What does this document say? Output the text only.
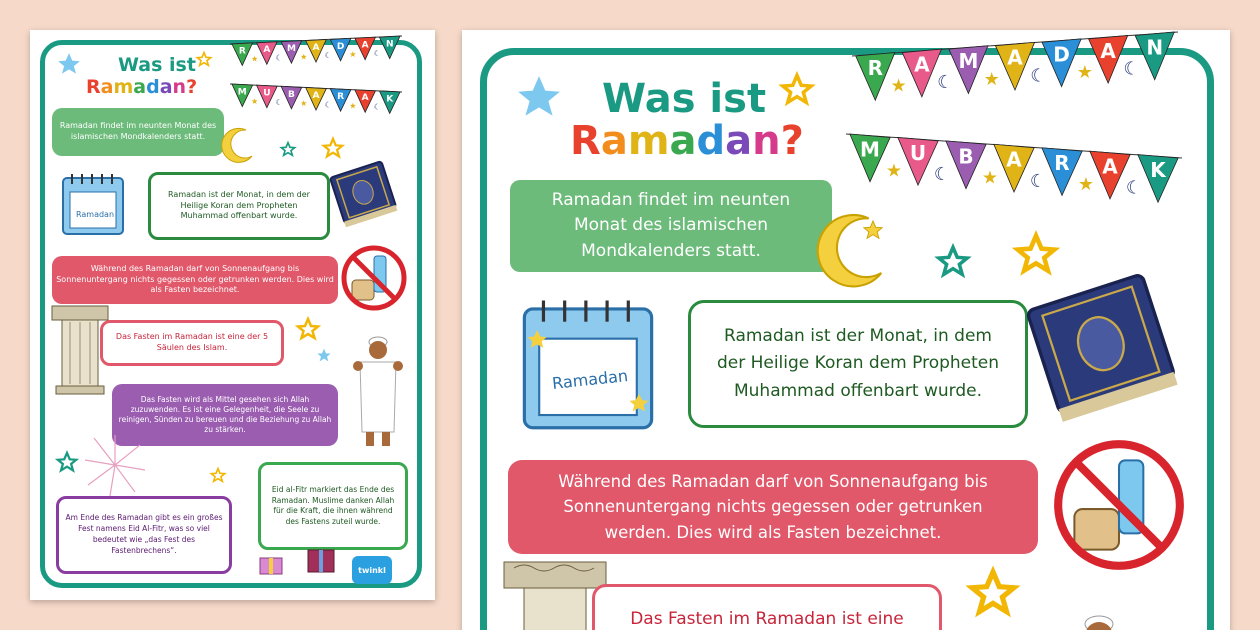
Was ist
Ramadan?
R
★
A
☾
M
★
A
☾
D
★
A
☾
N
M
★
U
☾
B
★
A
☾
R
★
A
☾
K
Ramadan findet im neunten Monat des islamischen Mondkalenders statt.
Ramadan
Ramadan ist der Monat, in dem der Heilige Koran dem Propheten Muhammad offenbart wurde.
Während des Ramadan darf von Sonnenaufgang bis Sonnenuntergang nichts gegessen oder getrunken werden. Dies wird als Fasten bezeichnet.
Das Fasten im Ramadan ist eine der 5 Säulen des Islam.
Das Fasten wird als Mittel gesehen sich Allah zuzuwenden. Es ist eine Gelegenheit, die Seele zu reinigen, Sünden zu bereuen und die Beziehung zu Allah zu stärken.
Eid al-Fitr markiert das Ende des Ramadan. Muslime danken Allah für die Kraft, die ihnen während des Fastens zuteil wurde.
Am Ende des Ramadan gibt es ein großes Fest namens Eid Al-Fitr, was so viel bedeutet wie „das Fest des Fastenbrechens“.
twinkl
Was ist
Ramadan?
R
★
A
☾
M
★
A
☾
D
★
A
☾
N
M
★
U
☾
B
★
A
☾
R
★
A
☾
K
Ramadan findet im neunten Monat des islamischen Mondkalenders statt.
Ramadan
Ramadan ist der Monat, in dem der Heilige Koran dem Propheten Muhammad offenbart wurde.
Während des Ramadan darf von Sonnenaufgang bis Sonnenuntergang nichts gegessen oder getrunken werden. Dies wird als Fasten bezeichnet.
Das Fasten im Ramadan ist eine
